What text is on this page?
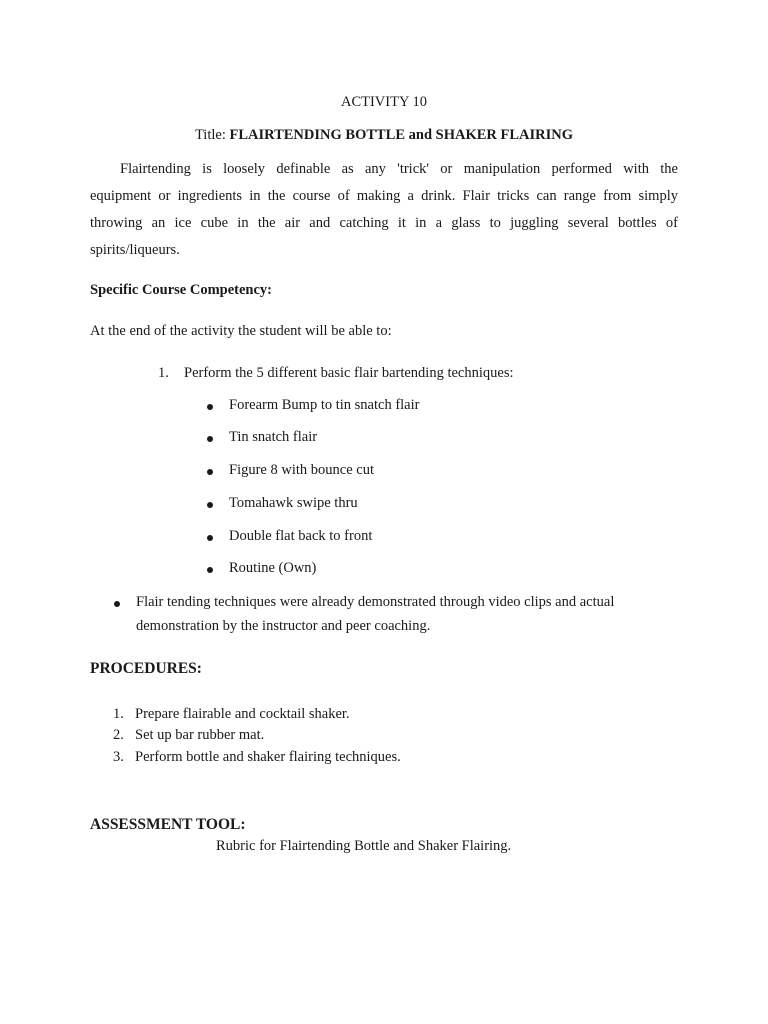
ACTIVITY 10
Title: FLAIRTENDING BOTTLE and SHAKER FLAIRING
Flairtending is loosely definable as any 'trick' or manipulation performed with the
equipment or ingredients in the course of making a drink. Flair tricks can range from simply
throwing an ice cube in the air and catching it in a glass to juggling several bottles of
spirits/liqueurs.
Specific Course Competency:
At the end of the activity the student will be able to:
1. Perform the 5 different basic flair bartending techniques:
Forearm Bump to tin snatch flair
Tin snatch flair
Figure 8 with bounce cut
Tomahawk swipe thru
Double flat back to front
Routine (Own)
Flair tending techniques were already demonstrated through video clips and actual
demonstration by the instructor and peer coaching.
PROCEDURES:
1. Prepare flairable and cocktail shaker.
2. Set up bar rubber mat.
3. Perform bottle and shaker flairing techniques.
ASSESSMENT TOOL:
Rubric for Flairtending Bottle and Shaker Flairing.
